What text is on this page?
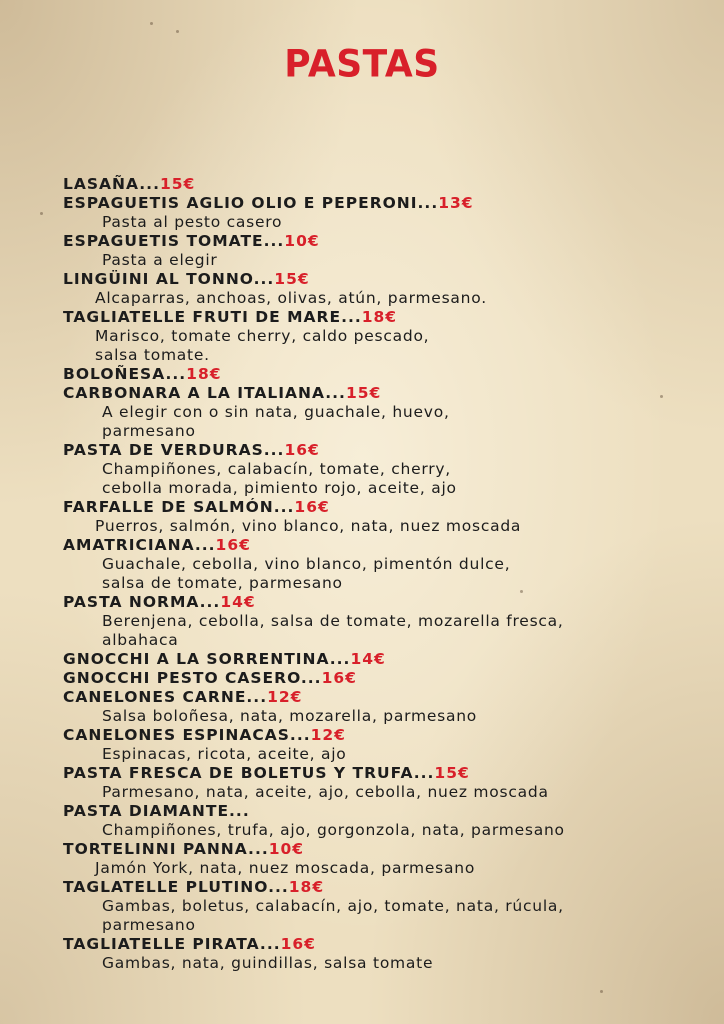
PASTAS
LASAÑA...15€
ESPAGUETIS AGLIO OLIO E PEPERONI...13€
Pasta al pesto casero
ESPAGUETIS TOMATE...10€
Pasta a elegir
LINGÜINI AL TONNO...15€
Alcaparras, anchoas, olivas, atún, parmesano.
TAGLIATELLE FRUTI DE MARE...18€
Marisco, tomate cherry, caldo pescado,
salsa tomate.
BOLOÑESA...18€
CARBONARA A LA ITALIANA...15€
A elegir con o sin nata, guachale, huevo,
parmesano
PASTA DE VERDURAS...16€
Champiñones, calabacín, tomate, cherry,
cebolla morada, pimiento rojo, aceite, ajo
FARFALLE DE SALMÓN...16€
Puerros, salmón, vino blanco, nata, nuez moscada
AMATRICIANA...16€
Guachale, cebolla, vino blanco, pimentón dulce,
salsa de tomate, parmesano
PASTA NORMA...14€
Berenjena, cebolla, salsa de tomate, mozarella fresca,
albahaca
GNOCCHI A LA SORRENTINA...14€
GNOCCHI PESTO CASERO...16€
CANELONES CARNE...12€
Salsa boloñesa, nata, mozarella, parmesano
CANELONES ESPINACAS...12€
Espinacas, ricota, aceite, ajo
PASTA FRESCA DE BOLETUS Y TRUFA...15€
Parmesano, nata, aceite, ajo, cebolla, nuez moscada
PASTA DIAMANTE...
Champiñones, trufa, ajo, gorgonzola, nata, parmesano
TORTELINNI PANNA...10€
Jamón York, nata, nuez moscada, parmesano
TAGLATELLE PLUTINO...18€
Gambas, boletus, calabacín, ajo, tomate, nata, rúcula,
parmesano
TAGLIATELLE PIRATA...16€
Gambas, nata, guindillas, salsa tomate
